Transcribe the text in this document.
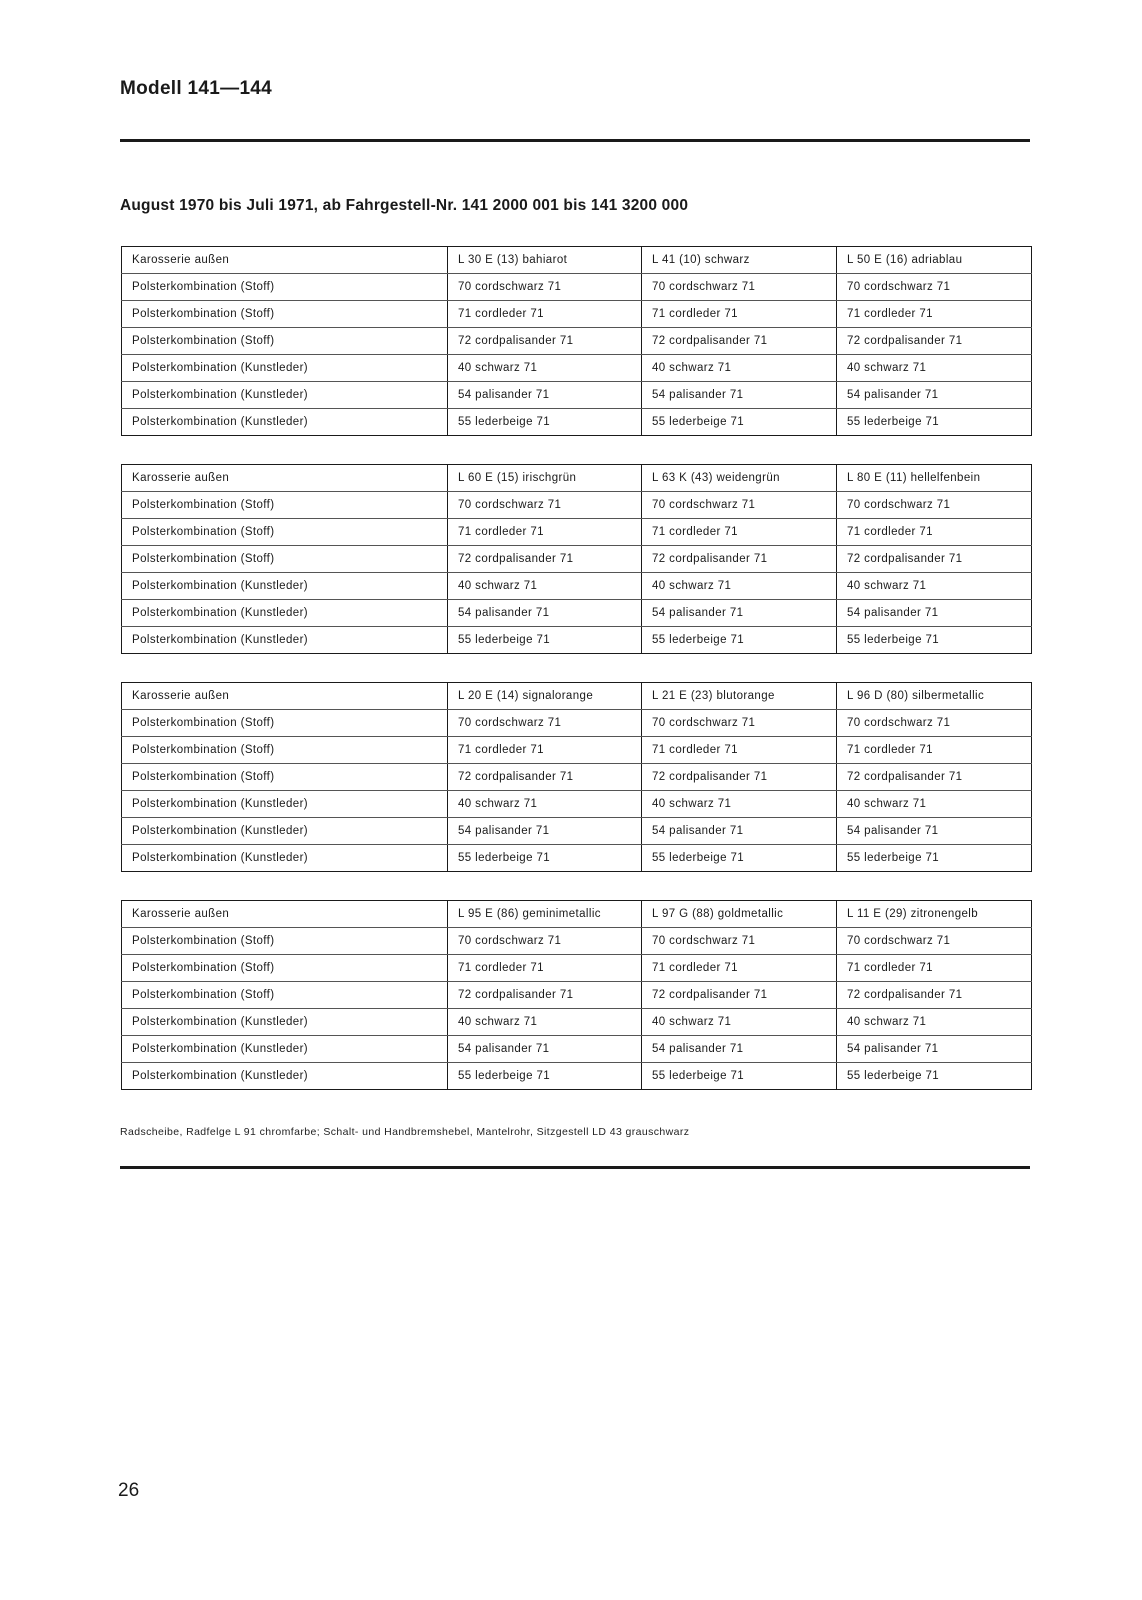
Modell 141—144
August 1970 bis Juli 1971, ab Fahrgestell-Nr. 141 2000 001 bis 141 3200 000
Karosserie außen	L 30 E (13) bahiarot	L 41 (10) schwarz	L 50 E (16) adriablau
Polsterkombination (Stoff)	70 cordschwarz 71	70 cordschwarz 71	70 cordschwarz 71
Polsterkombination (Stoff)	71 cordleder 71	71 cordleder 71	71 cordleder 71
Polsterkombination (Stoff)	72 cordpalisander 71	72 cordpalisander 71	72 cordpalisander 71
Polsterkombination (Kunstleder)	40 schwarz 71	40 schwarz 71	40 schwarz 71
Polsterkombination (Kunstleder)	54 palisander 71	54 palisander 71	54 palisander 71
Polsterkombination (Kunstleder)	55 lederbeige 71	55 lederbeige 71	55 lederbeige 71
Karosserie außen	L 60 E (15) irischgrün	L 63 K (43) weidengrün	L 80 E (11) hellelfenbein
Polsterkombination (Stoff)	70 cordschwarz 71	70 cordschwarz 71	70 cordschwarz 71
Polsterkombination (Stoff)	71 cordleder 71	71 cordleder 71	71 cordleder 71
Polsterkombination (Stoff)	72 cordpalisander 71	72 cordpalisander 71	72 cordpalisander 71
Polsterkombination (Kunstleder)	40 schwarz 71	40 schwarz 71	40 schwarz 71
Polsterkombination (Kunstleder)	54 palisander 71	54 palisander 71	54 palisander 71
Polsterkombination (Kunstleder)	55 lederbeige 71	55 lederbeige 71	55 lederbeige 71
Karosserie außen	L 20 E (14) signalorange	L 21 E (23) blutorange	L 96 D (80) silbermetallic
Polsterkombination (Stoff)	70 cordschwarz 71	70 cordschwarz 71	70 cordschwarz 71
Polsterkombination (Stoff)	71 cordleder 71	71 cordleder 71	71 cordleder 71
Polsterkombination (Stoff)	72 cordpalisander 71	72 cordpalisander 71	72 cordpalisander 71
Polsterkombination (Kunstleder)	40 schwarz 71	40 schwarz 71	40 schwarz 71
Polsterkombination (Kunstleder)	54 palisander 71	54 palisander 71	54 palisander 71
Polsterkombination (Kunstleder)	55 lederbeige 71	55 lederbeige 71	55 lederbeige 71
Karosserie außen	L 95 E (86) geminimetallic	L 97 G (88) goldmetallic	L 11 E (29) zitronengelb
Polsterkombination (Stoff)	70 cordschwarz 71	70 cordschwarz 71	70 cordschwarz 71
Polsterkombination (Stoff)	71 cordleder 71	71 cordleder 71	71 cordleder 71
Polsterkombination (Stoff)	72 cordpalisander 71	72 cordpalisander 71	72 cordpalisander 71
Polsterkombination (Kunstleder)	40 schwarz 71	40 schwarz 71	40 schwarz 71
Polsterkombination (Kunstleder)	54 palisander 71	54 palisander 71	54 palisander 71
Polsterkombination (Kunstleder)	55 lederbeige 71	55 lederbeige 71	55 lederbeige 71
Radscheibe, Radfelge L 91 chromfarbe; Schalt- und Handbremshebel, Mantelrohr, Sitzgestell LD 43 grauschwarz
26
